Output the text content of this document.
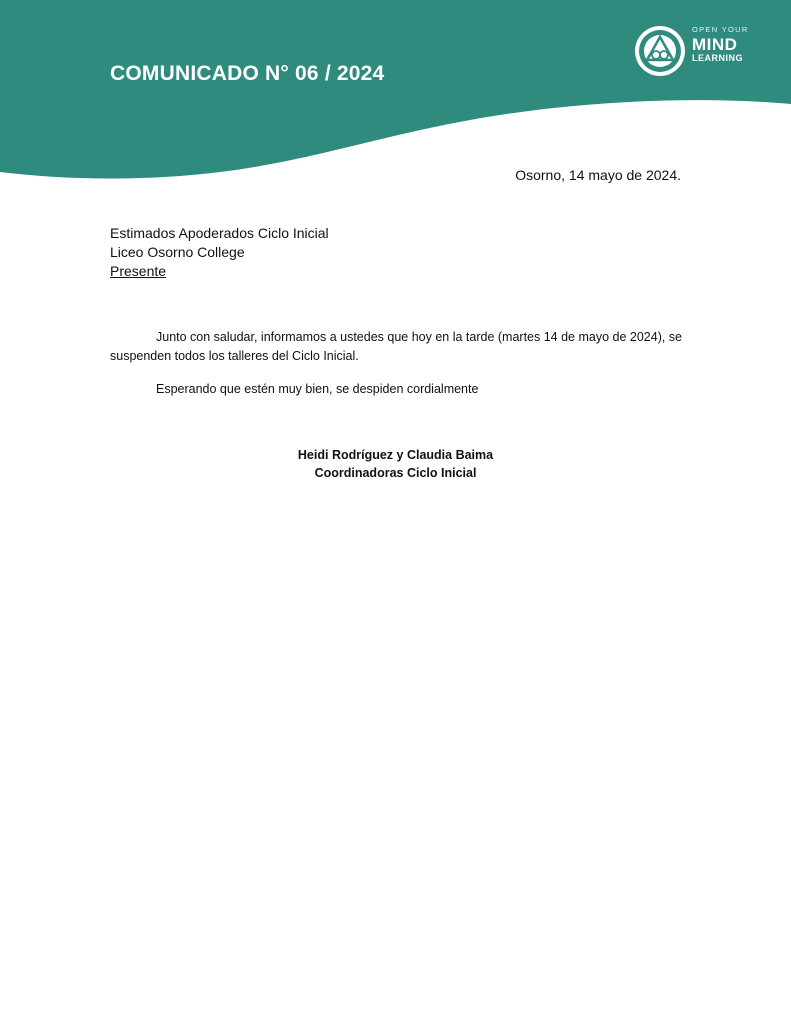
COMUNICADO N° 06 / 2024
OPEN YOUR
MIND
LEARNING
Osorno, 14 mayo de 2024.
Estimados Apoderados Ciclo Inicial
Liceo Osorno College
Presente

Junto con saludar, informamos a ustedes que hoy en la tarde (martes 14 de mayo de 2024), se suspenden todos los talleres del Ciclo Inicial.

Esperando que estén muy bien, se despiden cordialmente

Heidi Rodríguez y Claudia Baima
Coordinadoras Ciclo Inicial
